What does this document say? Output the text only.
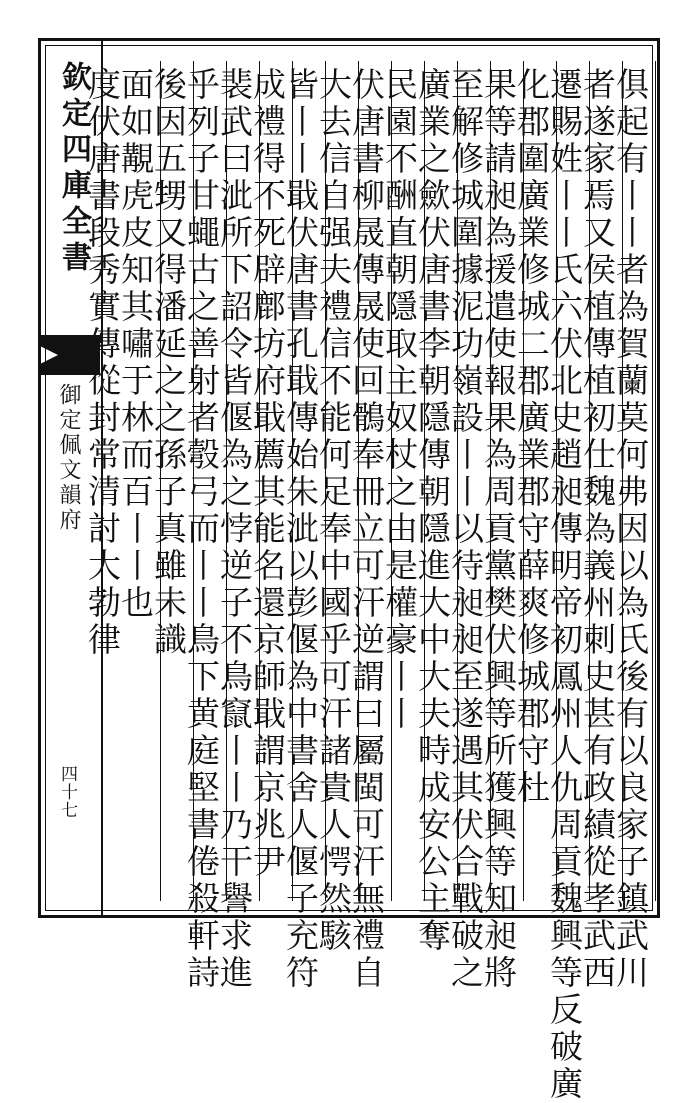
欽定四庫全書
御定佩文韻府
四十七	俱起有丨丨者為賀蘭莫何弗因以為氏後有以良家子鎮武川
者遂家焉又侯植傳植初仕魏為義州刺史甚有政績從孝武西
遷賜姓丨丨氏六伏北史趙昶傳明帝初鳳州人仇周貢魏興等反破廣
化郡圍廣業修城二郡廣業郡守薛爽修城郡守杜
果等請昶為援遣使報果為周貢黨樊伏興等所獲興等知昶將
至解修城圍據泥功嶺設丨丨以待昶昶至遂遇其伏合戰破之
廣業之歛伏唐書李朝隱傳朝隱進大中大夫時成安公主奪
民園不酬直朝隱取主奴杖之由是權豪丨丨
伏唐書柳晟傳晟使回鶻奉冊立可汗逆謂曰屬閩可汗無禮自
大去信自强夫禮信不能何足奉中國乎可汗諸貴人愕然駭
皆丨丨戢伏唐書孔戢傳始朱泚以彭偃為中書舍人偃子充符
成禮得不死辟鄜坊府戢薦其能名還京師戢謂京兆尹
裴武曰泚所下詔令皆偃為之悖逆子不鳥竄丨丨乃干譽求進
乎列子甘蠅古之善射者彀弓而丨丨鳥下黄庭堅書倦殺軒詩
後因五甥又得潘延之之孫子真雖未識
面如覯虎皮知其嘯于林而百丨丨也
度伏唐書段秀實傳從封常清討大勃律
